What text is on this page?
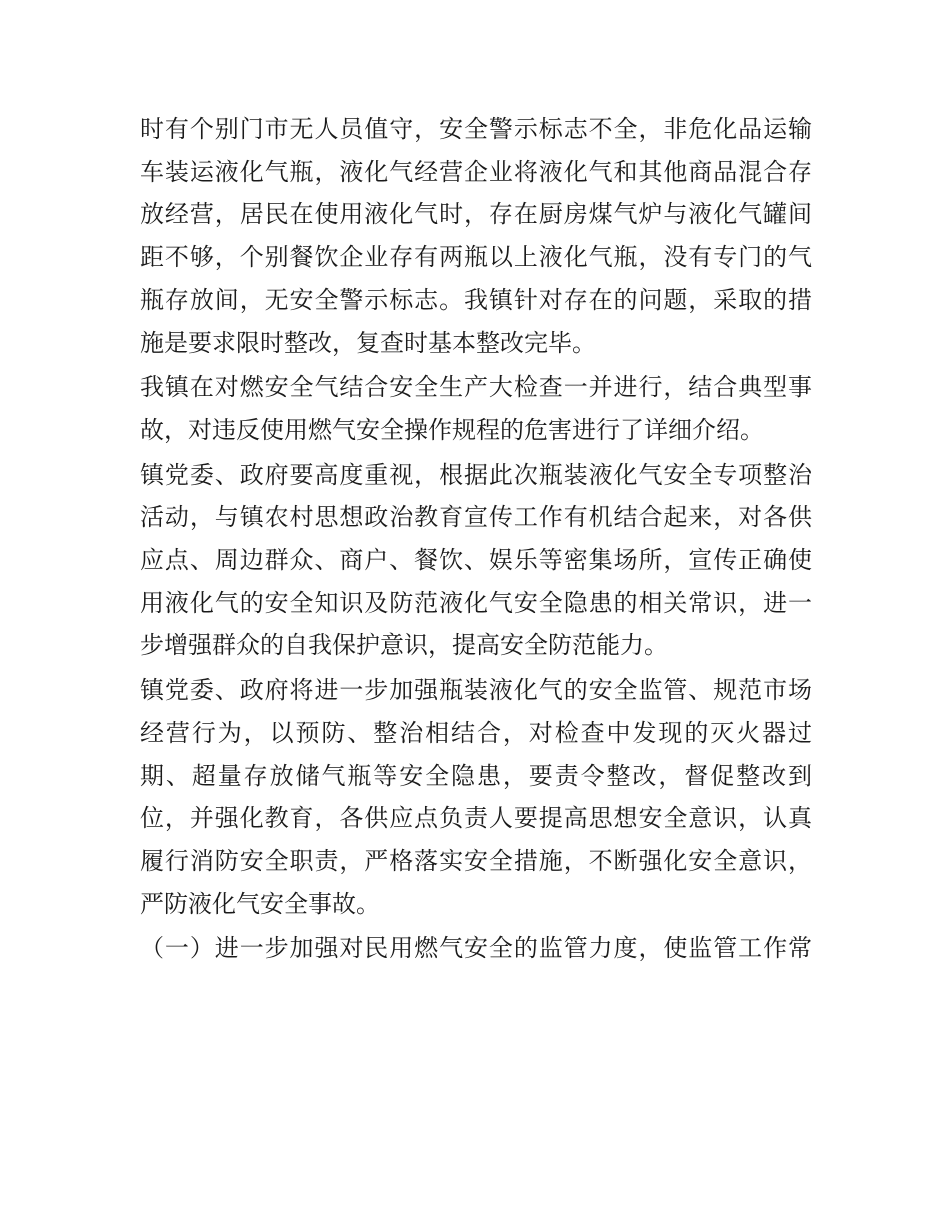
时有个别门市无人员值守，安全警示标志不全，非危化品运输
车装运液化气瓶，液化气经营企业将液化气和其他商品混合存
放经营，居民在使用液化气时，存在厨房煤气炉与液化气罐间
距不够，个别餐饮企业存有两瓶以上液化气瓶，没有专门的气
瓶存放间，无安全警示标志。我镇针对存在的问题，采取的措
施是要求限时整改，复查时基本整改完毕。

我镇在对燃安全气结合安全生产大检查一并进行，结合典型事
故，对违反使用燃气安全操作规程的危害进行了详细介绍。

镇党委、政府要高度重视，根据此次瓶装液化气安全专项整治
活动，与镇农村思想政治教育宣传工作有机结合起来，对各供
应点、周边群众、商户、餐饮、娱乐等密集场所，宣传正确使
用液化气的安全知识及防范液化气安全隐患的相关常识，进一
步增强群众的自我保护意识，提高安全防范能力。

镇党委、政府将进一步加强瓶装液化气的安全监管、规范市场
经营行为，以预防、整治相结合，对检查中发现的灭火器过
期、超量存放储气瓶等安全隐患，要责令整改，督促整改到
位，并强化教育，各供应点负责人要提高思想安全意识，认真
履行消防安全职责，严格落实安全措施，不断强化安全意识，
严防液化气安全事故。

（一）进一步加强对民用燃气安全的监管力度，使监管工作常
